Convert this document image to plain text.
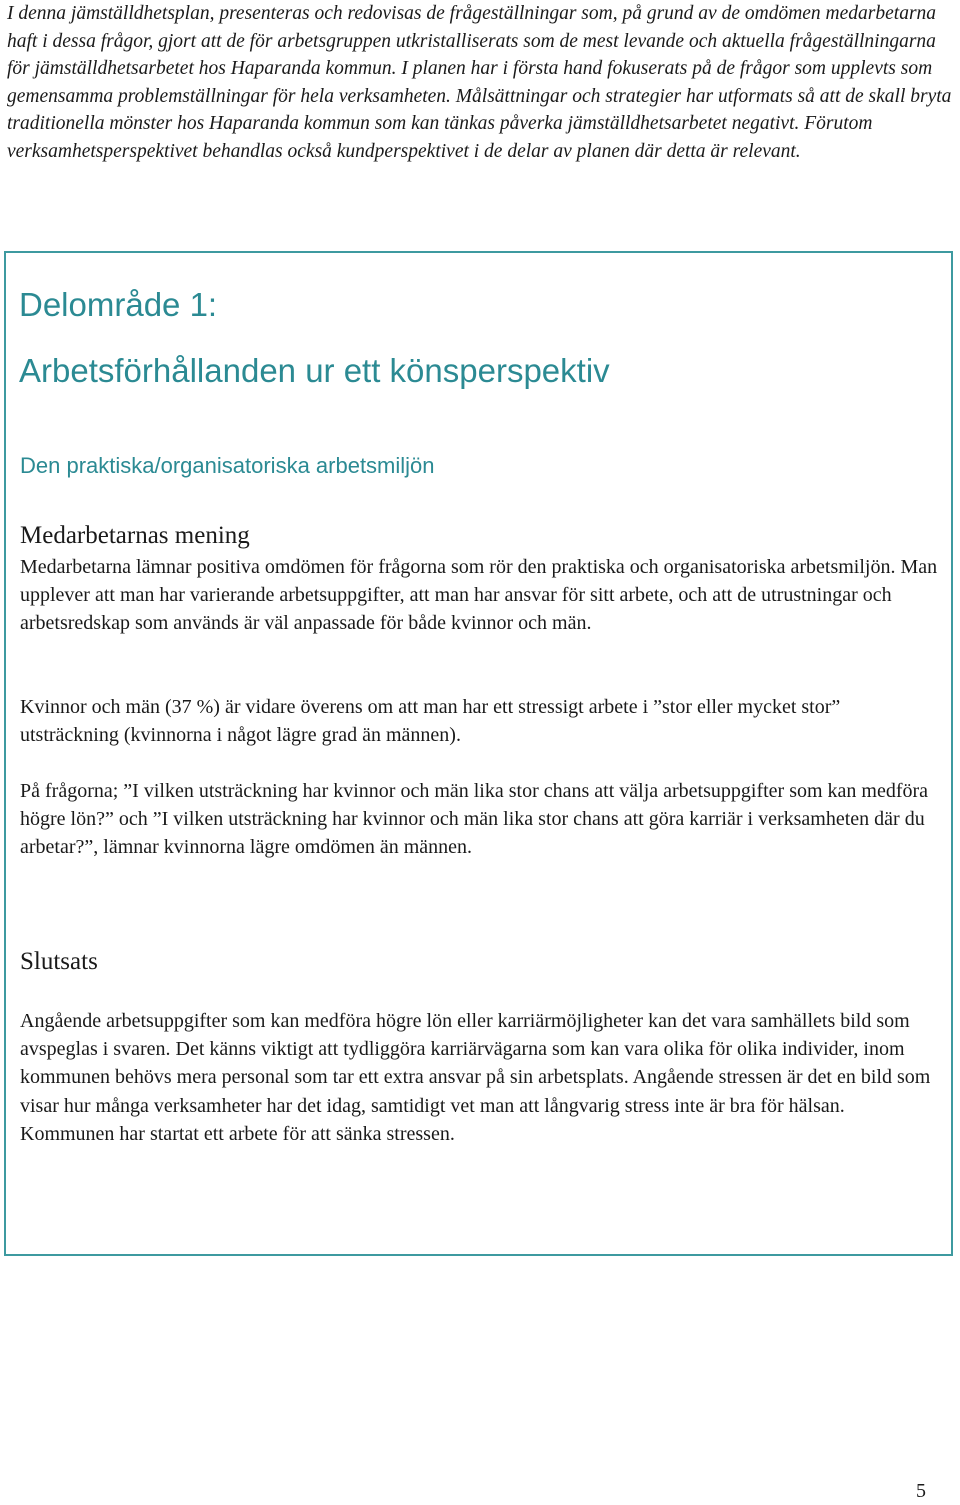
I denna jämställdhetsplan, presenteras och redovisas de frågeställningar som, på grund av de omdömen medarbetarna haft i dessa frågor, gjort att de för arbetsgruppen utkristalliserats som de mest levande och aktuella frågeställningarna för jämställdhetsarbetet hos Haparanda kommun. I planen har i första hand fokuserats på de frågor som upplevts som gemensamma problemställningar för hela verksamheten. Målsättningar och strategier har utformats så att de skall bryta traditionella mönster hos Haparanda kommun som kan tänkas påverka jämställdhetsarbetet negativt. Förutom verksamhetsperspektivet behandlas också kundperspektivet i de delar av planen där detta är relevant.

Delområde 1:
Arbetsförhållanden ur ett könsperspektiv
Den praktiska/organisatoriska arbetsmiljön
Medarbetarnas mening

Medarbetarna lämnar positiva omdömen för frågorna som rör den praktiska och organisatoriska arbetsmiljön. Man upplever att man har varierande arbetsuppgifter, att man har ansvar för sitt arbete, och att de utrustningar och arbetsredskap som används är väl anpassade för både kvinnor och män.

Kvinnor och män (37 %) är vidare överens om att man har ett stressigt arbete i ”stor eller mycket stor” utsträckning (kvinnorna i något lägre grad än männen).

På frågorna; ”I vilken utsträckning har kvinnor och män lika stor chans att välja arbetsuppgifter som kan medföra högre lön?” och ”I vilken utsträckning har kvinnor och män lika stor chans att göra karriär i verksamheten där du arbetar?”, lämnar kvinnorna lägre omdömen än männen.

Slutsats

Angående arbetsuppgifter som kan medföra högre lön eller karriärmöjligheter kan det vara samhällets bild som avspeglas i svaren. Det känns viktigt att tydliggöra karriärvägarna som kan vara olika för olika individer, inom kommunen behövs mera personal som tar ett extra ansvar på sin arbetsplats. Angående stressen är det en bild som visar hur många verksamheter har det idag, samtidigt vet man att långvarig stress inte är bra för hälsan. Kommunen har startat ett arbete för att sänka stressen.

5
